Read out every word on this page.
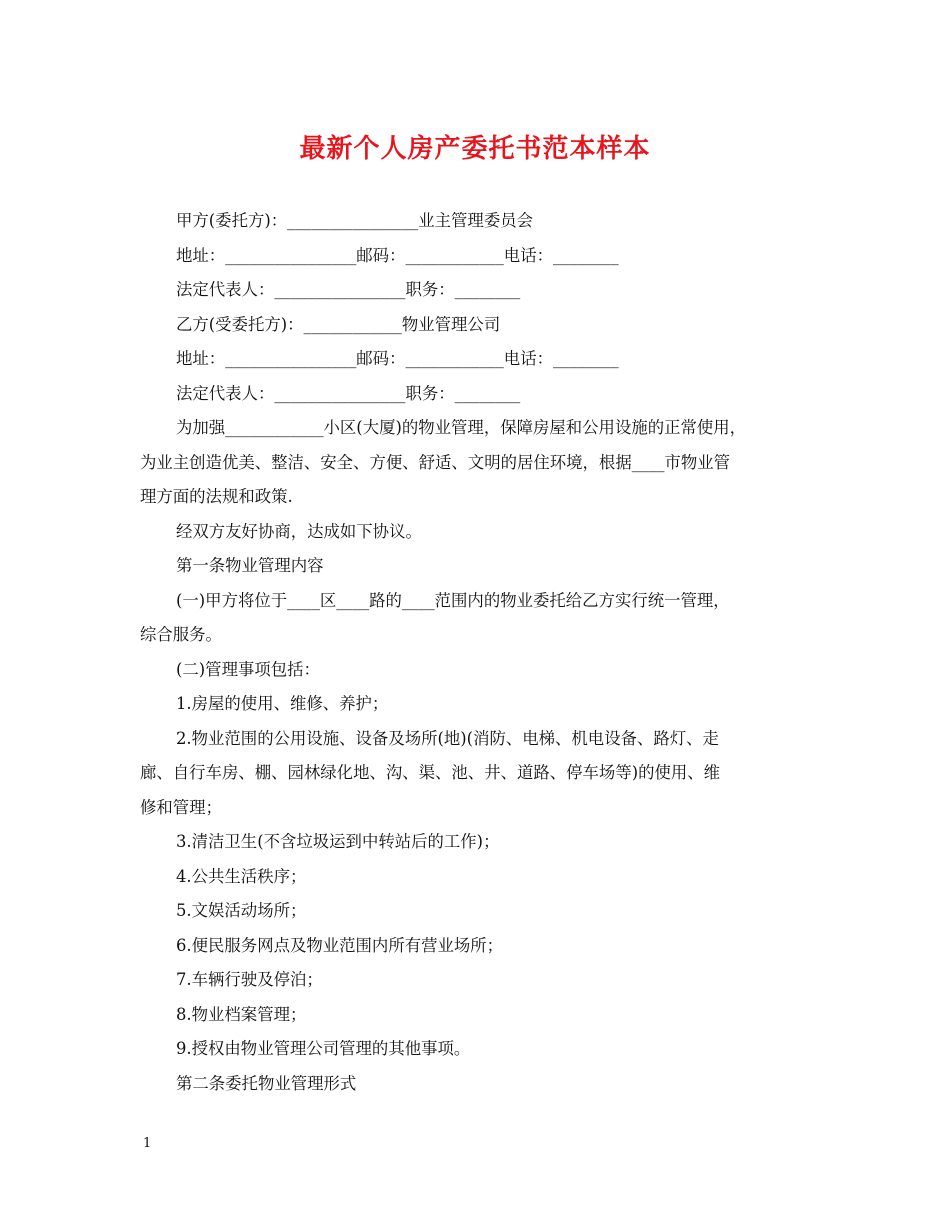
最新个人房产委托书范本样本

甲方(委托方)：________________业主管理委员会

地址：________________邮码：____________电话：________

法定代表人：________________职务：________

乙方(受委托方)：____________物业管理公司

地址：________________邮码：____________电话：________

法定代表人：________________职务：________

为加强____________小区(大厦)的物业管理，保障房屋和公用设施的正常使用，
为业主创造优美、整洁、安全、方便、舒适、文明的居住环境，根据____市物业管
理方面的法规和政策.

经双方友好协商，达成如下协议。

第一条物业管理内容

(一)甲方将位于____区____路的____范围内的物业委托给乙方实行统一管理，
综合服务。

(二)管理事项包括：

1.房屋的使用、维修、养护；

2.物业范围的公用设施、设备及场所(地)(消防、电梯、机电设备、路灯、走
廊、自行车房、棚、园林绿化地、沟、渠、池、井、道路、停车场等)的使用、维
修和管理；

3.清洁卫生(不含垃圾运到中转站后的工作)；

4.公共生活秩序；

5.文娱活动场所；

6.便民服务网点及物业范围内所有营业场所；

7.车辆行驶及停泊；

8.物业档案管理；

9.授权由物业管理公司管理的其他事项。

第二条委托物业管理形式

1
